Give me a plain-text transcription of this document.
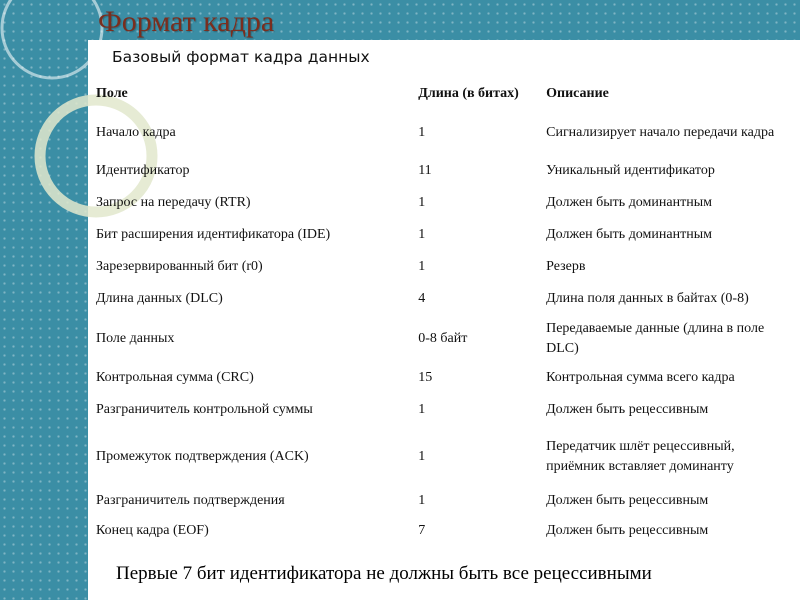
Формат кадра
Базовый формат кадра данных
Поле	Длина (в битах)	Описание
Начало кадра	1	Сигнализирует начало передачи кадра
Идентификатор	11	Уникальный идентификатор
Запрос на передачу (RTR)	1	Должен быть доминантным
Бит расширения идентификатора (IDE)	1	Должен быть доминантным
Зарезервированный бит (r0)	1	Резерв
Длина данных (DLC)	4	Длина поля данных в байтах (0-8)
Поле данных	0-8 байт	Передаваемые данные (длина в поле DLC)
Контрольная сумма (CRC)	15	Контрольная сумма всего кадра
Разграничитель контрольной суммы	1	Должен быть рецессивным
Промежуток подтверждения (ACK)	1	Передатчик шлёт рецессивный, приёмник вставляет доминанту
Разграничитель подтверждения	1	Должен быть рецессивным
Конец кадра (EOF)	7	Должен быть рецессивным

Первые 7 бит идентификатора не должны быть все рецессивными
